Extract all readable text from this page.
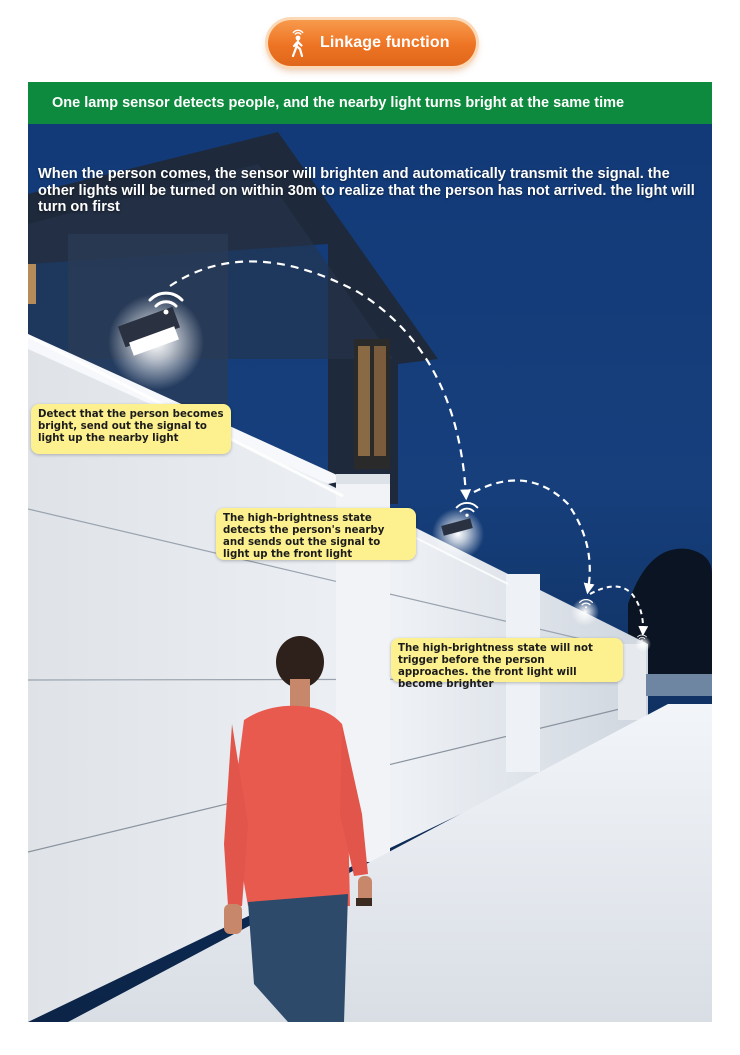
Linkage function
One lamp sensor detects people, and the nearby light turns bright at the same time
When the person comes, the sensor will brighten and automatically transmit the signal. the other lights will be turned on within 30m to realize that the person has not arrived. the light will turn on first
Detect that the person becomes bright, send out the signal to light up the nearby light
The high-brightness state detects the person's nearby and sends out the signal to light up the front light
The high-brightness state will not trigger before the person approaches. the front light will become brighter
